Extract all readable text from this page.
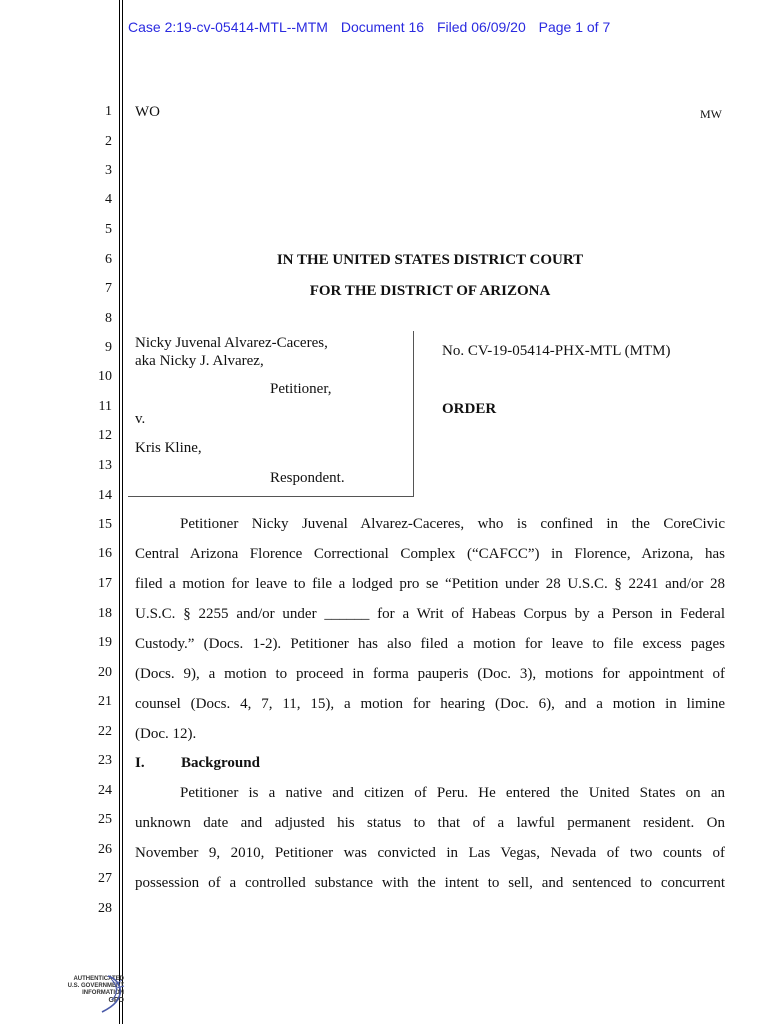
Case 2:19-cv-05414-MTL--MTM Document 16 Filed 06/09/20 Page 1 of 7
1
2
3
4
5
6
7
8
9
10
11
12
13
14
15
16
17
18
19
20
21
22
23
24
25
26
27
28
WO	MW
IN THE UNITED STATES DISTRICT COURT
FOR THE DISTRICT OF ARIZONA
Nicky Juvenal Alvarez-Caceres,
aka Nicky J. Alvarez,
Petitioner,
v.
Kris Kline,
Respondent.
No. CV-19-05414-PHX-MTL (MTM)
ORDER
Petitioner Nicky Juvenal Alvarez-Caceres, who is confined in the CoreCivic
Central Arizona Florence Correctional Complex (“CAFCC”) in Florence, Arizona, has
filed a motion for leave to file a lodged pro se “Petition under 28 U.S.C. § 2241 and/or 28
U.S.C. § 2255 and/or under ______ for a Writ of Habeas Corpus by a Person in Federal
Custody.” (Docs. 1-2). Petitioner has also filed a motion for leave to file excess pages
(Docs. 9), a motion to proceed in forma pauperis (Doc. 3), motions for appointment of
counsel (Docs. 4, 7, 11, 15), a motion for hearing (Doc. 6), and a motion in limine
(Doc. 12).
I. Background
Petitioner is a native and citizen of Peru. He entered the United States on an
unknown date and adjusted his status to that of a lawful permanent resident. On
November 9, 2010, Petitioner was convicted in Las Vegas, Nevada of two counts of
possession of a controlled substance with the intent to sell, and sentenced to concurrent
AUTHENTICATED
U.S. GOVERNMENT
INFORMATION
GPO
